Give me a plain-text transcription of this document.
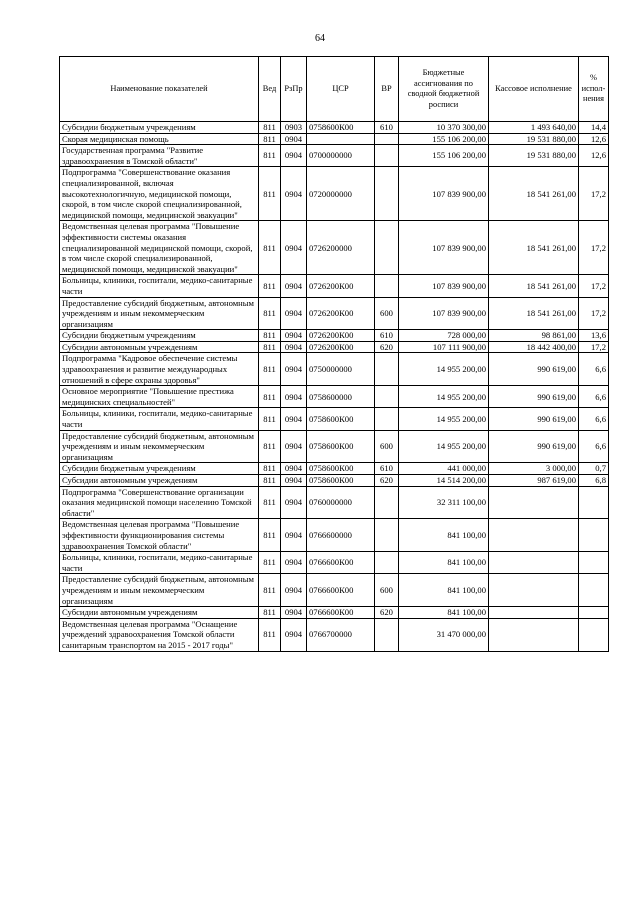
64
Наименование показателей	Вед	РзПр	ЦСР	ВР	Бюджетные ассигнования по сводной бюджетной росписи	Кассовое исполнение	% испол-нения
Субсидии бюджетным учреждениям	811	0903	0758600К00	610	10 370 300,00	1 493 640,00	14,4
Скорая медицинская помощь	811	0904			155 106 200,00	19 531 880,00	12,6
Государственная программа "Развитие здравоохранения в Томской области"	811	0904	0700000000		155 106 200,00	19 531 880,00	12,6
Подпрограмма "Совершенствование оказания специализированной, включая высокотехнологичную, медицинской помощи, скорой, в том числе скорой специализированной, медицинской помощи, медицинской эвакуации"	811	0904	0720000000		107 839 900,00	18 541 261,00	17,2
Ведомственная целевая программа "Повышение эффективности системы оказания специализированной медицинской помощи, скорой, в том числе скорой специализированной, медицинской помощи, медицинской эвакуации"	811	0904	0726200000		107 839 900,00	18 541 261,00	17,2
Больницы, клиники, госпитали, медико-санитарные части	811	0904	0726200К00		107 839 900,00	18 541 261,00	17,2
Предоставление субсидий бюджетным, автономным учреждениям и иным некоммерческим организациям	811	0904	0726200К00	600	107 839 900,00	18 541 261,00	17,2
Субсидии бюджетным учреждениям	811	0904	0726200К00	610	728 000,00	98 861,00	13,6
Субсидии автономным учреждениям	811	0904	0726200К00	620	107 111 900,00	18 442 400,00	17,2
Подпрограмма "Кадровое обеспечение системы здравоохранения и развитие международных отношений в сфере охраны здоровья"	811	0904	0750000000		14 955 200,00	990 619,00	6,6
Основное мероприятие "Повышение престижа медицинских специальностей"	811	0904	0758600000		14 955 200,00	990 619,00	6,6
Больницы, клиники, госпитали, медико-санитарные части	811	0904	0758600К00		14 955 200,00	990 619,00	6,6
Предоставление субсидий бюджетным, автономным учреждениям и иным некоммерческим организациям	811	0904	0758600К00	600	14 955 200,00	990 619,00	6,6
Субсидии бюджетным учреждениям	811	0904	0758600К00	610	441 000,00	3 000,00	0,7
Субсидии автономным учреждениям	811	0904	0758600К00	620	14 514 200,00	987 619,00	6,8
Подпрограмма "Совершенствование организации оказания медицинской помощи населению Томской области"	811	0904	0760000000		32 311 100,00		
Ведомственная целевая программа "Повышение эффективности функционирования системы здравоохранения Томской области"	811	0904	0766600000		841 100,00		
Больницы, клиники, госпитали, медико-санитарные части	811	0904	0766600К00		841 100,00		
Предоставление субсидий бюджетным, автономным учреждениям и иным некоммерческим организациям	811	0904	0766600К00	600	841 100,00		
Субсидии автономным учреждениям	811	0904	0766600К00	620	841 100,00		
Ведомственная целевая программа "Оснащение учреждений здравоохранения Томской области санитарным транспортом на 2015 - 2017 годы"	811	0904	0766700000		31 470 000,00		
